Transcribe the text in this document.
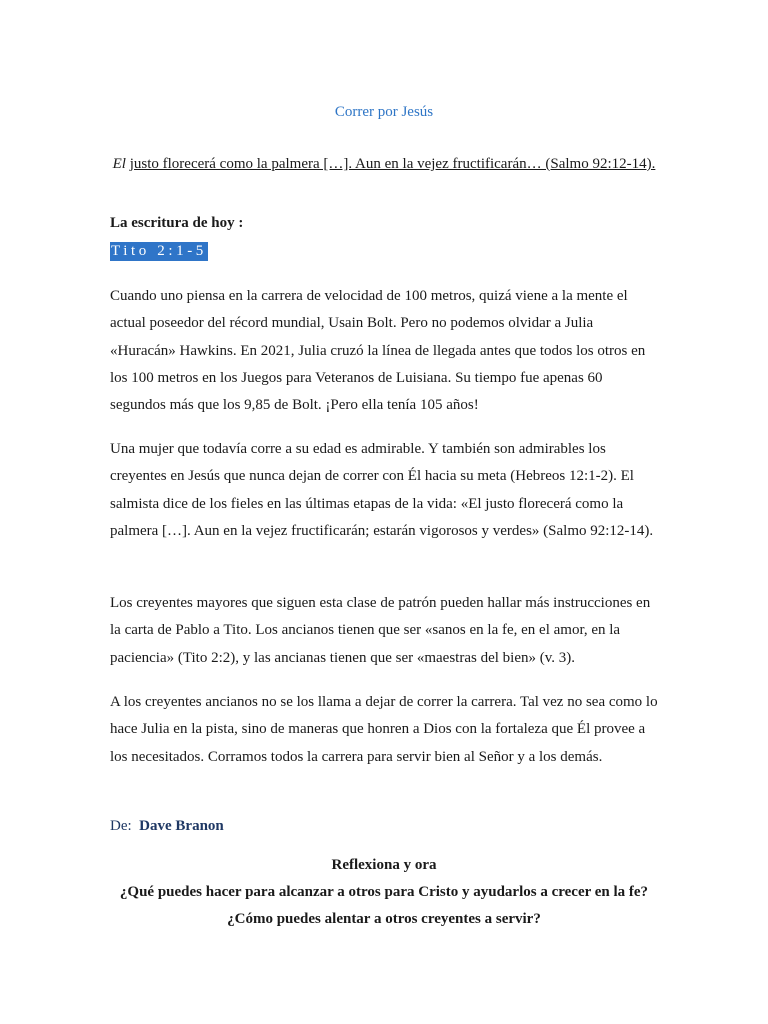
Correr por Jesús
El justo florecerá como la palmera […]. Aun en la vejez fructificarán… (Salmo 92:12-14).
La escritura de hoy :
Tito 2:1-5

Cuando uno piensa en la carrera de velocidad de 100 metros, quizá viene a la mente el actual poseedor del récord mundial, Usain Bolt. Pero no podemos olvidar a Julia «Huracán» Hawkins. En 2021, Julia cruzó la línea de llegada antes que todos los otros en los 100 metros en los Juegos para Veteranos de Luisiana. Su tiempo fue apenas 60 segundos más que los 9,85 de Bolt. ¡Pero ella tenía 105 años!

Una mujer que todavía corre a su edad es admirable. Y también son admirables los creyentes en Jesús que nunca dejan de correr con Él hacia su meta (Hebreos 12:1-2). El salmista dice de los fieles en las últimas etapas de la vida: «El justo florecerá como la palmera […]. Aun en la vejez fructificarán; estarán vigorosos y verdes» (Salmo 92:12-14).

Los creyentes mayores que siguen esta clase de patrón pueden hallar más instrucciones en la carta de Pablo a Tito. Los ancianos tienen que ser «sanos en la fe, en el amor, en la paciencia» (Tito 2:2), y las ancianas tienen que ser «maestras del bien» (v. 3).

A los creyentes ancianos no se los llama a dejar de correr la carrera. Tal vez no sea como lo hace Julia en la pista, sino de maneras que honren a Dios con la fortaleza que Él provee a los necesitados. Corramos todos la carrera para servir bien al Señor y a los demás.

De: Dave Branon
Reflexiona y ora
¿Qué puedes hacer para alcanzar a otros para Cristo y ayudarlos a crecer en la fe?
¿Cómo puedes alentar a otros creyentes a servir?
